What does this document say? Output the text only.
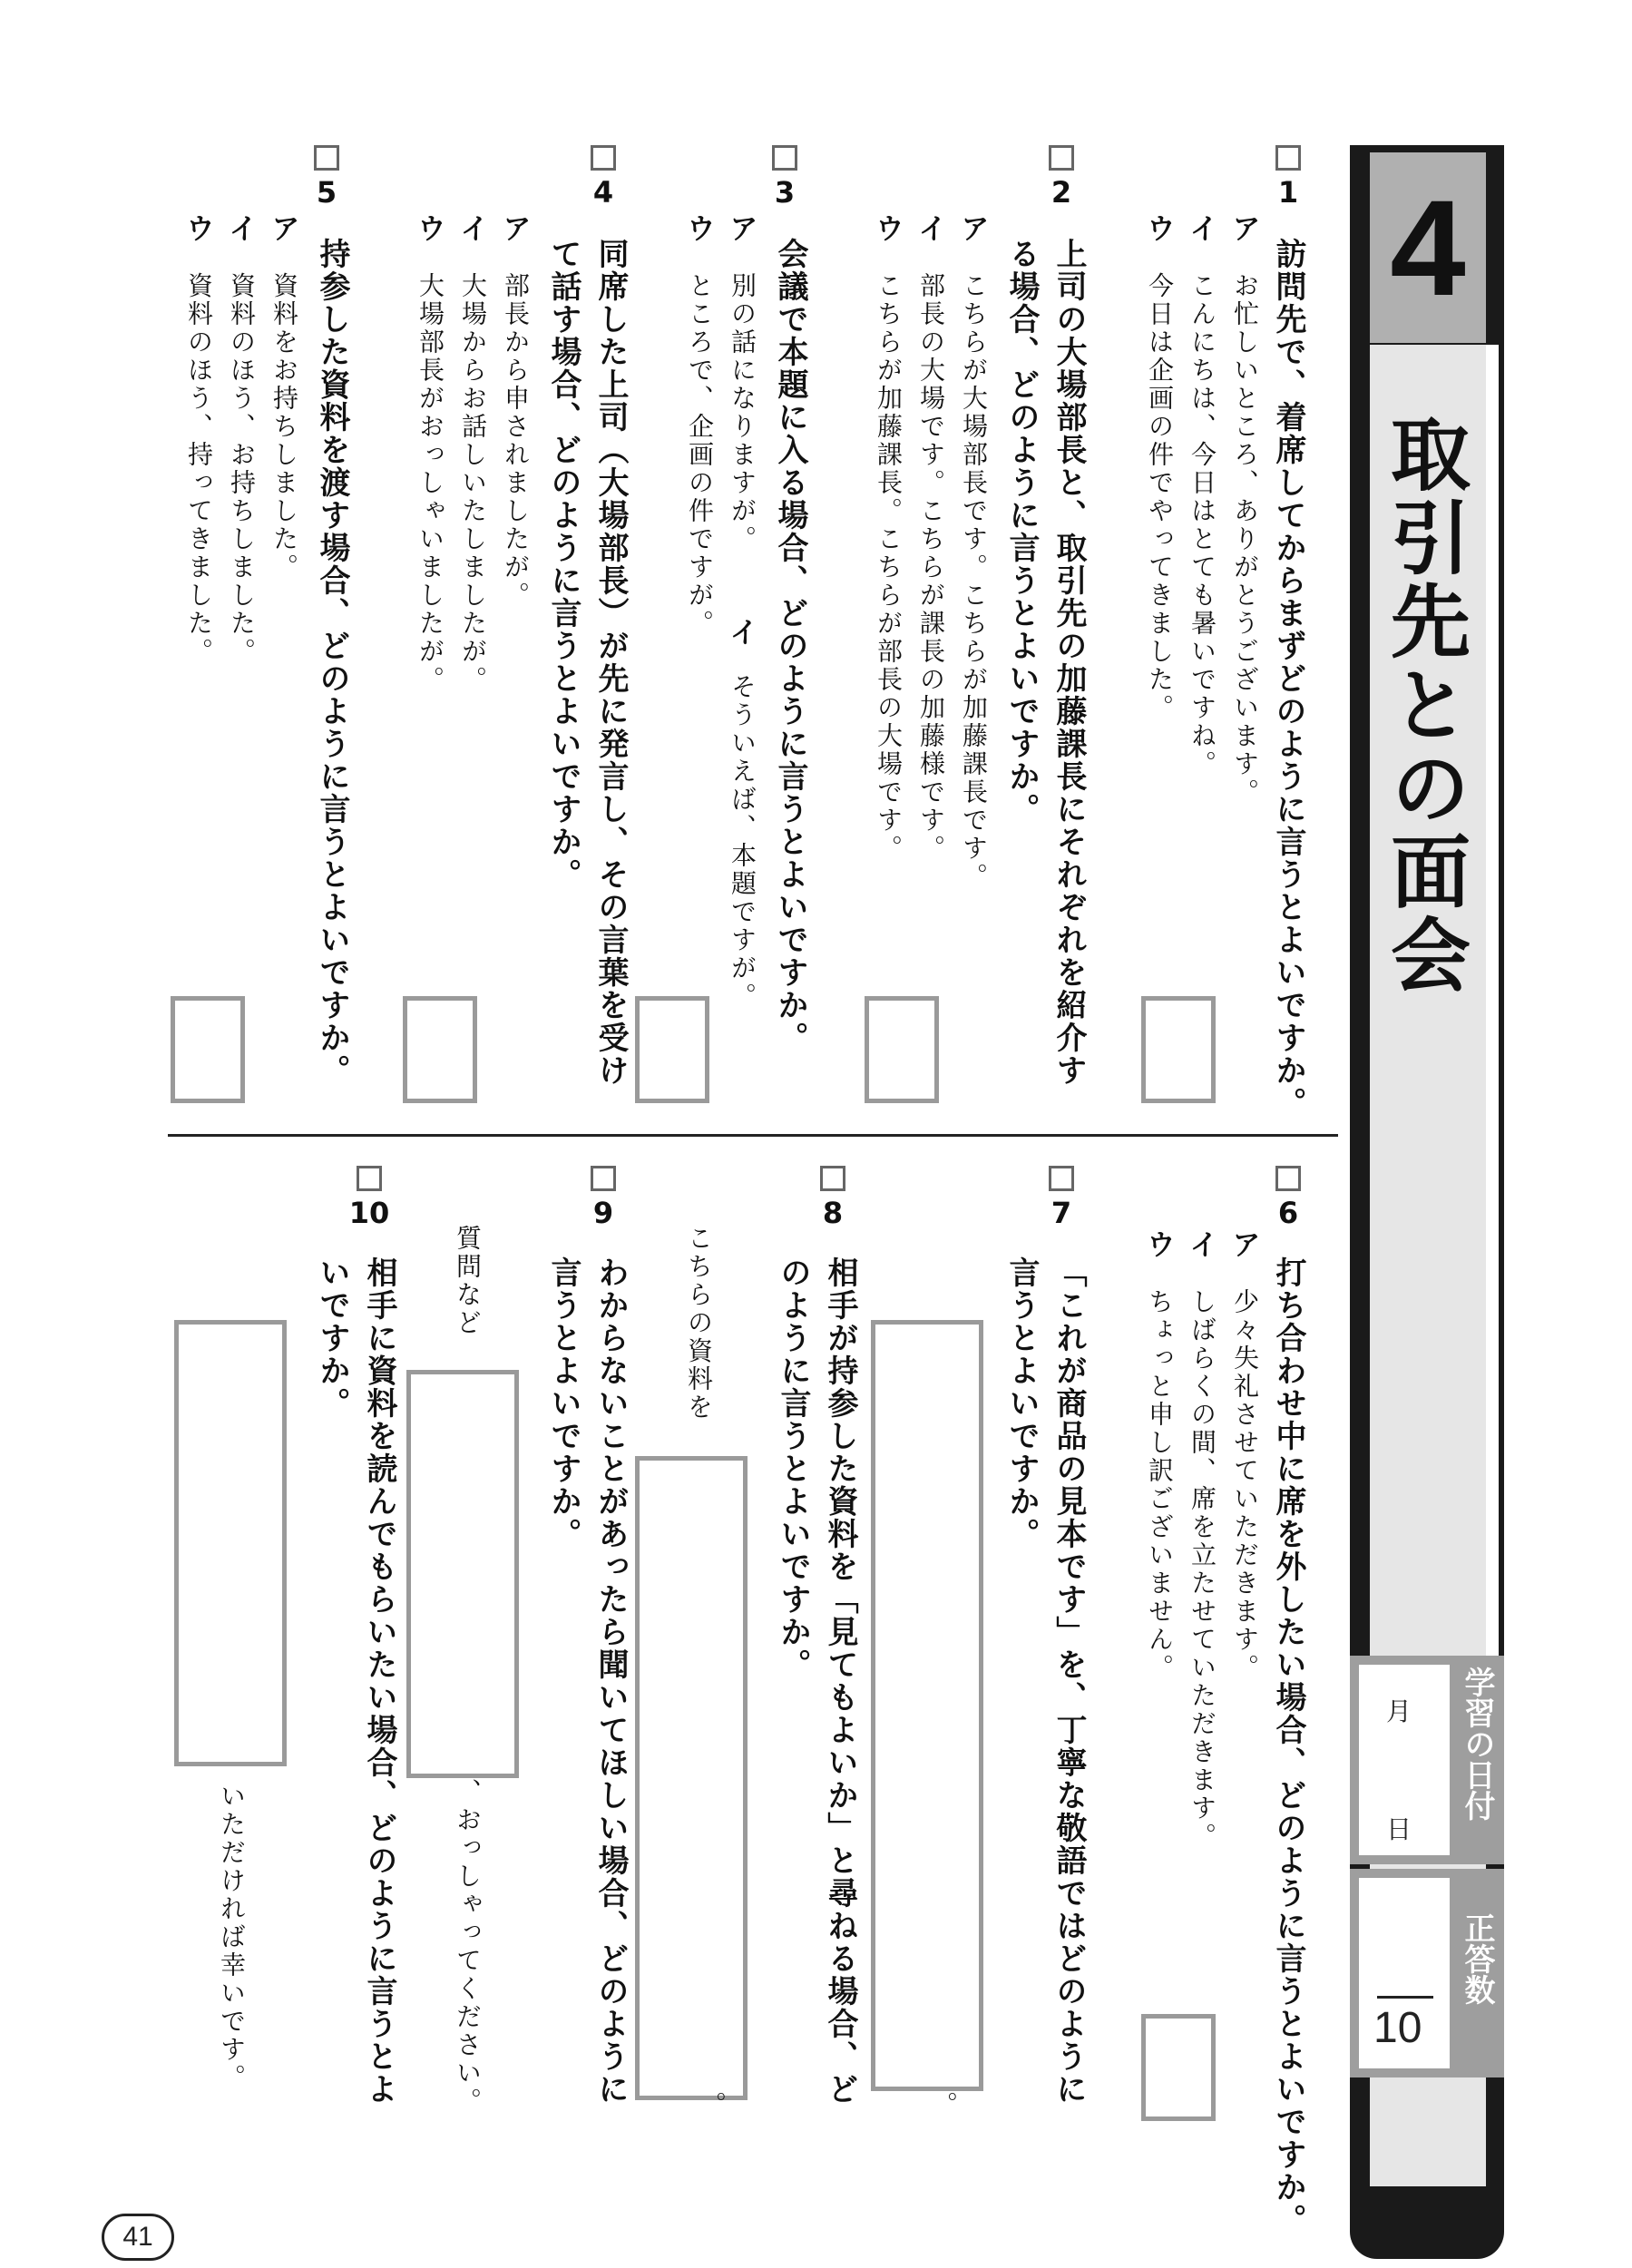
4
取引先との面会
学習の日付
月
日
正答数
10
1
訪問先で、着席してからまずどのように言うとよいですか。
ア
お忙しいところ、ありがとうございます。
イ
こんにちは、今日はとても暑いですね。
ウ
今日は企画の件でやってきました。
2
上司の大場部長と、取引先の加藤課長にそれぞれを紹介する場合、どのように言うとよいですか。
ア
こちらが大場部長です。こちらが加藤課長です。
イ
部長の大場です。こちらが課長の加藤様です。
ウ
こちらが加藤課長。こちらが部長の大場です。
3
会議で本題に入る場合、どのように言うとよいですか。
ア
別の話になりますが。
イ
そういえば、本題ですが。
ウ
ところで、企画の件ですが。
4
同席した上司（大場部長）が先に発言し、その言葉を受けて話す場合、どのように言うとよいですか。
ア
部長から申されましたが。
イ
大場からお話しいたしましたが。
ウ
大場部長がおっしゃいましたが。
5
持参した資料を渡す場合、どのように言うとよいですか。
ア
資料をお持ちしました。
イ
資料のほう、お持ちしました。
ウ
資料のほう、持ってきました。
6
打ち合わせ中に席を外したい場合、どのように言うとよいですか。
ア
少々失礼させていただきます。
イ
しばらくの間、席を立たせていただきます。
ウ
ちょっと申し訳ございません。
7
「これが商品の見本です」を、丁寧な敬語ではどのように言うとよいですか。
。
8
相手が持参した資料を「見てもよいか」と尋ねる場合、どのように言うとよいですか。
こちらの資料を
。
9
わからないことがあったら聞いてほしい場合、どのように言うとよいですか。
質問など
、おっしゃってください。
10
相手に資料を読んでもらいたい場合、どのように言うとよいですか。
いただければ幸いです。
41
